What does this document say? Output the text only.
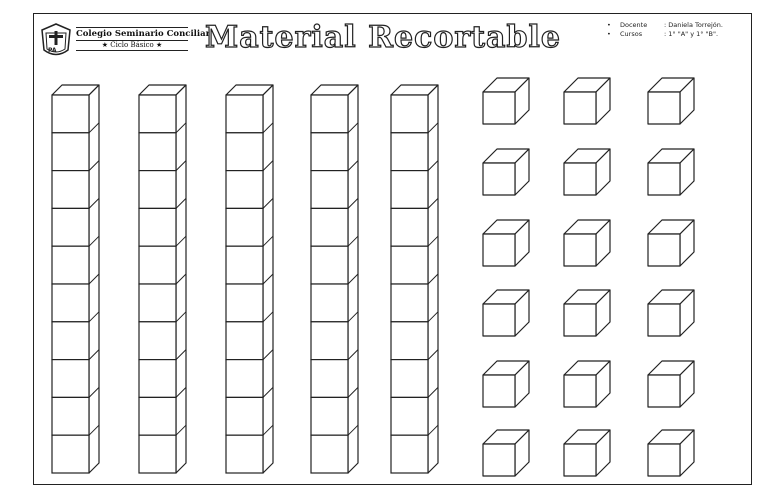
PA
Colegio Seminario Conciliar
★ Ciclo Básico ★	Material Recortable	•	Docente	: Daniela Torrejón.
•	Cursos	: 1° "A" y 1° "B".
